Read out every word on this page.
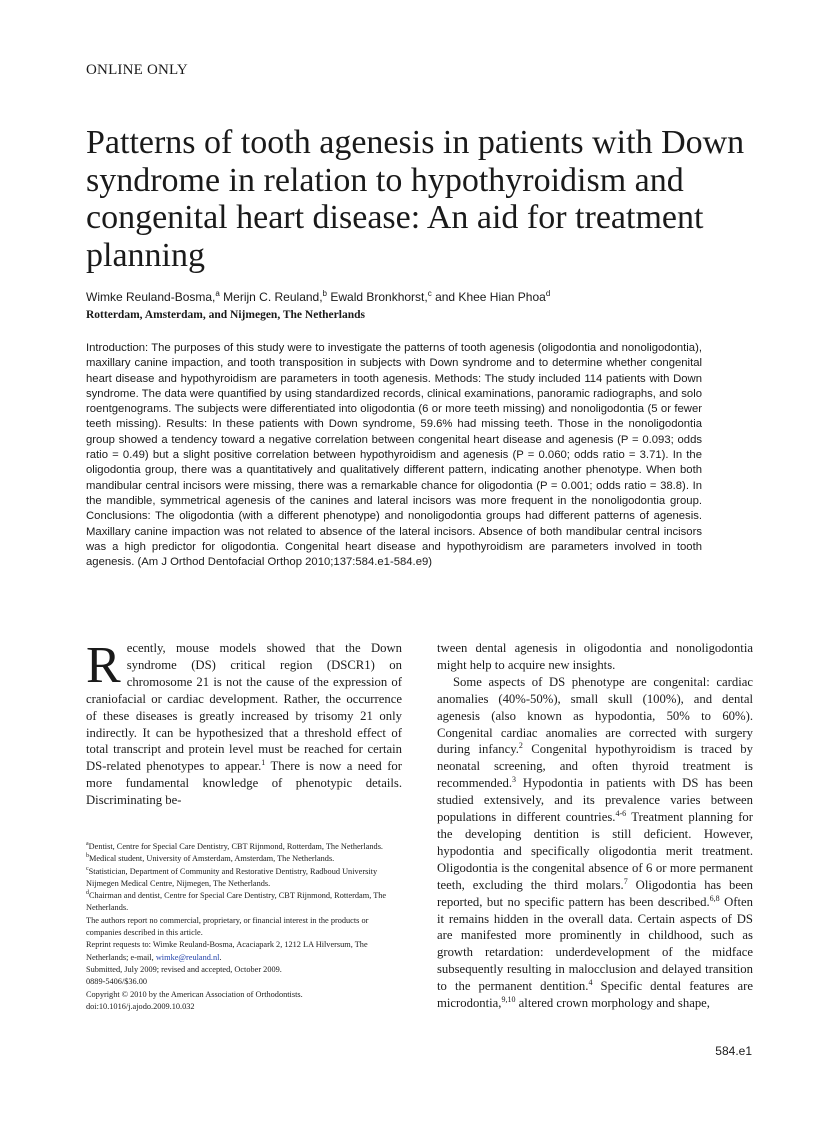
ONLINE ONLY
Patterns of tooth agenesis in patients with Down syndrome in relation to hypothyroidism and congenital heart disease: An aid for treatment planning
Wimke Reuland-Bosma,$^a$ Merijn C. Reuland,$^b$ Ewald Bronkhorst,$^c$ and Khee Hian Phoa$^d$
Rotterdam, Amsterdam, and Nijmegen, The Netherlands

Introduction: The purposes of this study were to investigate the patterns of tooth agenesis (oligodontia and nonoligodontia), maxillary canine impaction, and tooth transposition in subjects with Down syndrome and to determine whether congenital heart disease and hypothyroidism are parameters in tooth agenesis. Methods: The study included 114 patients with Down syndrome. The data were quantified by using standardized records, clinical examinations, panoramic radiographs, and solo roentgenograms. The subjects were differentiated into oligodontia (6 or more teeth missing) and nonoligodontia (5 or fewer teeth missing). Results: In these patients with Down syndrome, 59.6% had missing teeth. Those in the nonoligodontia group showed a tendency toward a negative correlation between congenital heart disease and agenesis (P = 0.093; odds ratio = 0.49) but a slight positive correlation between hypothyroidism and agenesis (P = 0.060; odds ratio = 3.71). In the oligodontia group, there was a quantitatively and qualitatively different pattern, indicating another phenotype. When both mandibular central incisors were missing, there was a remarkable chance for oligodontia (P = 0.001; odds ratio = 38.8). In the mandible, symmetrical agenesis of the canines and lateral incisors was more frequent in the nonoligodontia group. Conclusions: The oligodontia (with a different phenotype) and nonoligodontia groups had different patterns of agenesis. Maxillary canine impaction was not related to absence of the lateral incisors. Absence of both mandibular central incisors was a high predictor for oligodontia. Congenital heart disease and hypothyroidism are parameters involved in tooth agenesis. (Am J Orthod Dentofacial Orthop 2010;137:584.e1-584.e9)

Recently, mouse models showed that the Down syndrome (DS) critical region (DSCR1) on chromosome 21 is not the cause of the expression of craniofacial or cardiac development. Rather, the occurrence of these diseases is greatly increased by trisomy 21 only indirectly. It can be hypothesized that a threshold effect of total transcript and protein level must be reached for certain DS-related phenotypes to appear.$^1$ There is now a need for more fundamental knowledge of phenotypic details. Discriminating be-

tween dental agenesis in oligodontia and nonoligodontia might help to acquire new insights.

Some aspects of DS phenotype are congenital: cardiac anomalies (40%-50%), small skull (100%), and dental agenesis (also known as hypodontia, 50% to 60%). Congenital cardiac anomalies are corrected with surgery during infancy.$^2$ Congenital hypothyroidism is traced by neonatal screening, and often thyroid treatment is recommended.$^3$ Hypodontia in patients with DS has been studied extensively, and its prevalence varies between populations in different countries.$^{4-6}$ Treatment planning for the developing dentition is still deficient. However, hypodontia and specifically oligodontia merit treatment. Oligodontia is the congenital absence of 6 or more permanent teeth, excluding the third molars.$^7$ Oligodontia has been reported, but no specific pattern has been described.$^{6,8}$ Often it remains hidden in the overall data. Certain aspects of DS are manifested more prominently in childhood, such as growth retardation: underdevelopment of the midface subsequently resulting in malocclusion and delayed transition to the permanent dentition.$^4$ Specific dental features are microdontia,$^{9,10}$ altered crown morphology and shape,

$^a$Dentist, Centre for Special Care Dentistry, CBT Rijnmond, Rotterdam, The Netherlands.

$^b$Medical student, University of Amsterdam, Amsterdam, The Netherlands.

$^c$Statistician, Department of Community and Restorative Dentistry, Radboud University Nijmegen Medical Centre, Nijmegen, The Netherlands.

$^d$Chairman and dentist, Centre for Special Care Dentistry, CBT Rijnmond, Rotterdam, The Netherlands.

The authors report no commercial, proprietary, or financial interest in the products or companies described in this article.

Reprint requests to: Wimke Reuland-Bosma, Acaciapark 2, 1212 LA Hilversum, The Netherlands; e-mail, wimke@reuland.nl.

Submitted, July 2009; revised and accepted, October 2009.

0889-5406/$36.00

Copyright © 2010 by the American Association of Orthodontists.

doi:10.1016/j.ajodo.2009.10.032

584.e1
